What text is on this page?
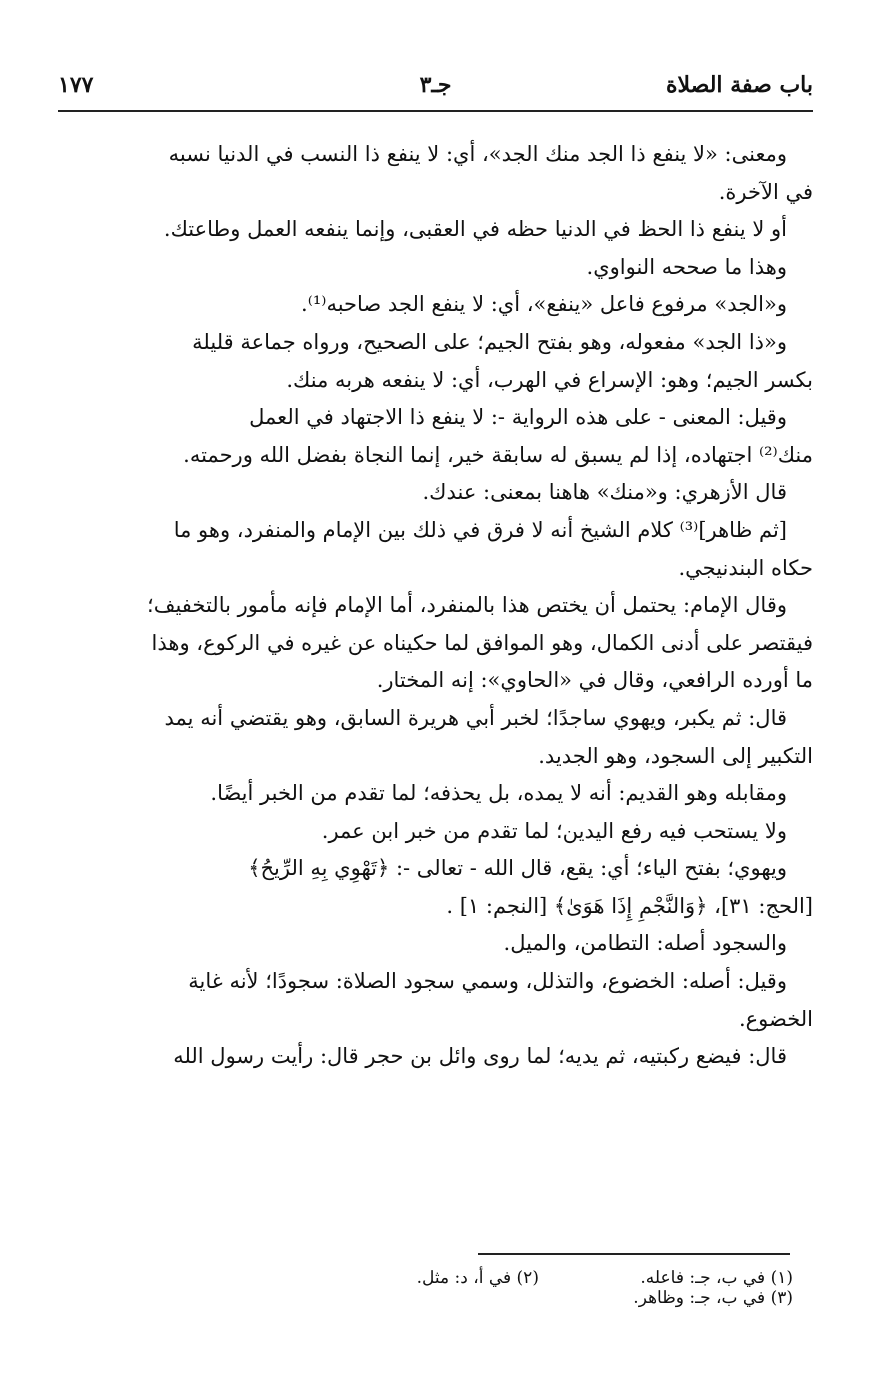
باب صفة الصلاة
جـ٣
١٧٧

ومعنى: «لا ينفع ذا الجد منك الجد»، أي: لا ينفع ذا النسب في الدنيا نسبه

في الآخرة.

أو لا ينفع ذا الحظ في الدنيا حظه في العقبى، وإنما ينفعه العمل وطاعتك.

وهذا ما صححه النواوي.

و«الجد» مرفوع فاعل «ينفع»، أي: لا ينفع الجد صاحبه⁽¹⁾.

و«ذا الجد» مفعوله، وهو بفتح الجيم؛ على الصحيح، ورواه جماعة قليلة

بكسر الجيم؛ وهو: الإسراع في الهرب، أي: لا ينفعه هربه منك.

وقيل: المعنى - على هذه الرواية -: لا ينفع ذا الاجتهاد في العمل

منك⁽²⁾ اجتهاده، إذا لم يسبق له سابقة خير، إنما النجاة بفضل الله ورحمته.

قال الأزهري: و«منك» هاهنا بمعنى: عندك.

[ثم ظاهر]⁽³⁾ كلام الشيخ أنه لا فرق في ذلك بين الإمام والمنفرد، وهو ما

حكاه البندنيجي.

وقال الإمام: يحتمل أن يختص هذا بالمنفرد، أما الإمام فإنه مأمور بالتخفيف؛

فيقتصر على أدنى الكمال، وهو الموافق لما حكيناه عن غيره في الركوع، وهذا

ما أورده الرافعي، وقال في «الحاوي»: إنه المختار.

قال: ثم يكبر، ويهوي ساجدًا؛ لخبر أبي هريرة السابق، وهو يقتضي أنه يمد

التكبير إلى السجود، وهو الجديد.

ومقابله وهو القديم: أنه لا يمده، بل يحذفه؛ لما تقدم من الخبر أيضًا.

ولا يستحب فيه رفع اليدين؛ لما تقدم من خبر ابن عمر.

ويهوي؛ بفتح الياء؛ أي: يقع، قال الله - تعالى -: ﴿تَهْوِي بِهِ الرِّيحُ﴾

[الحج: ٣١]، ﴿وَالنَّجْمِ إِذَا هَوَىٰ﴾ [النجم: ١] .

والسجود أصله: التطامن، والميل.

وقيل: أصله: الخضوع، والتذلل، وسمي سجود الصلاة: سجودًا؛ لأنه غاية

الخضوع.

قال: فيضع ركبتيه، ثم يديه؛ لما روى وائل بن حجر قال: رأيت رسول الله

(١) في ب، جـ: فاعله. (٢) في أ، د: مثل. (٣) في ب، جـ: وظاهر.
